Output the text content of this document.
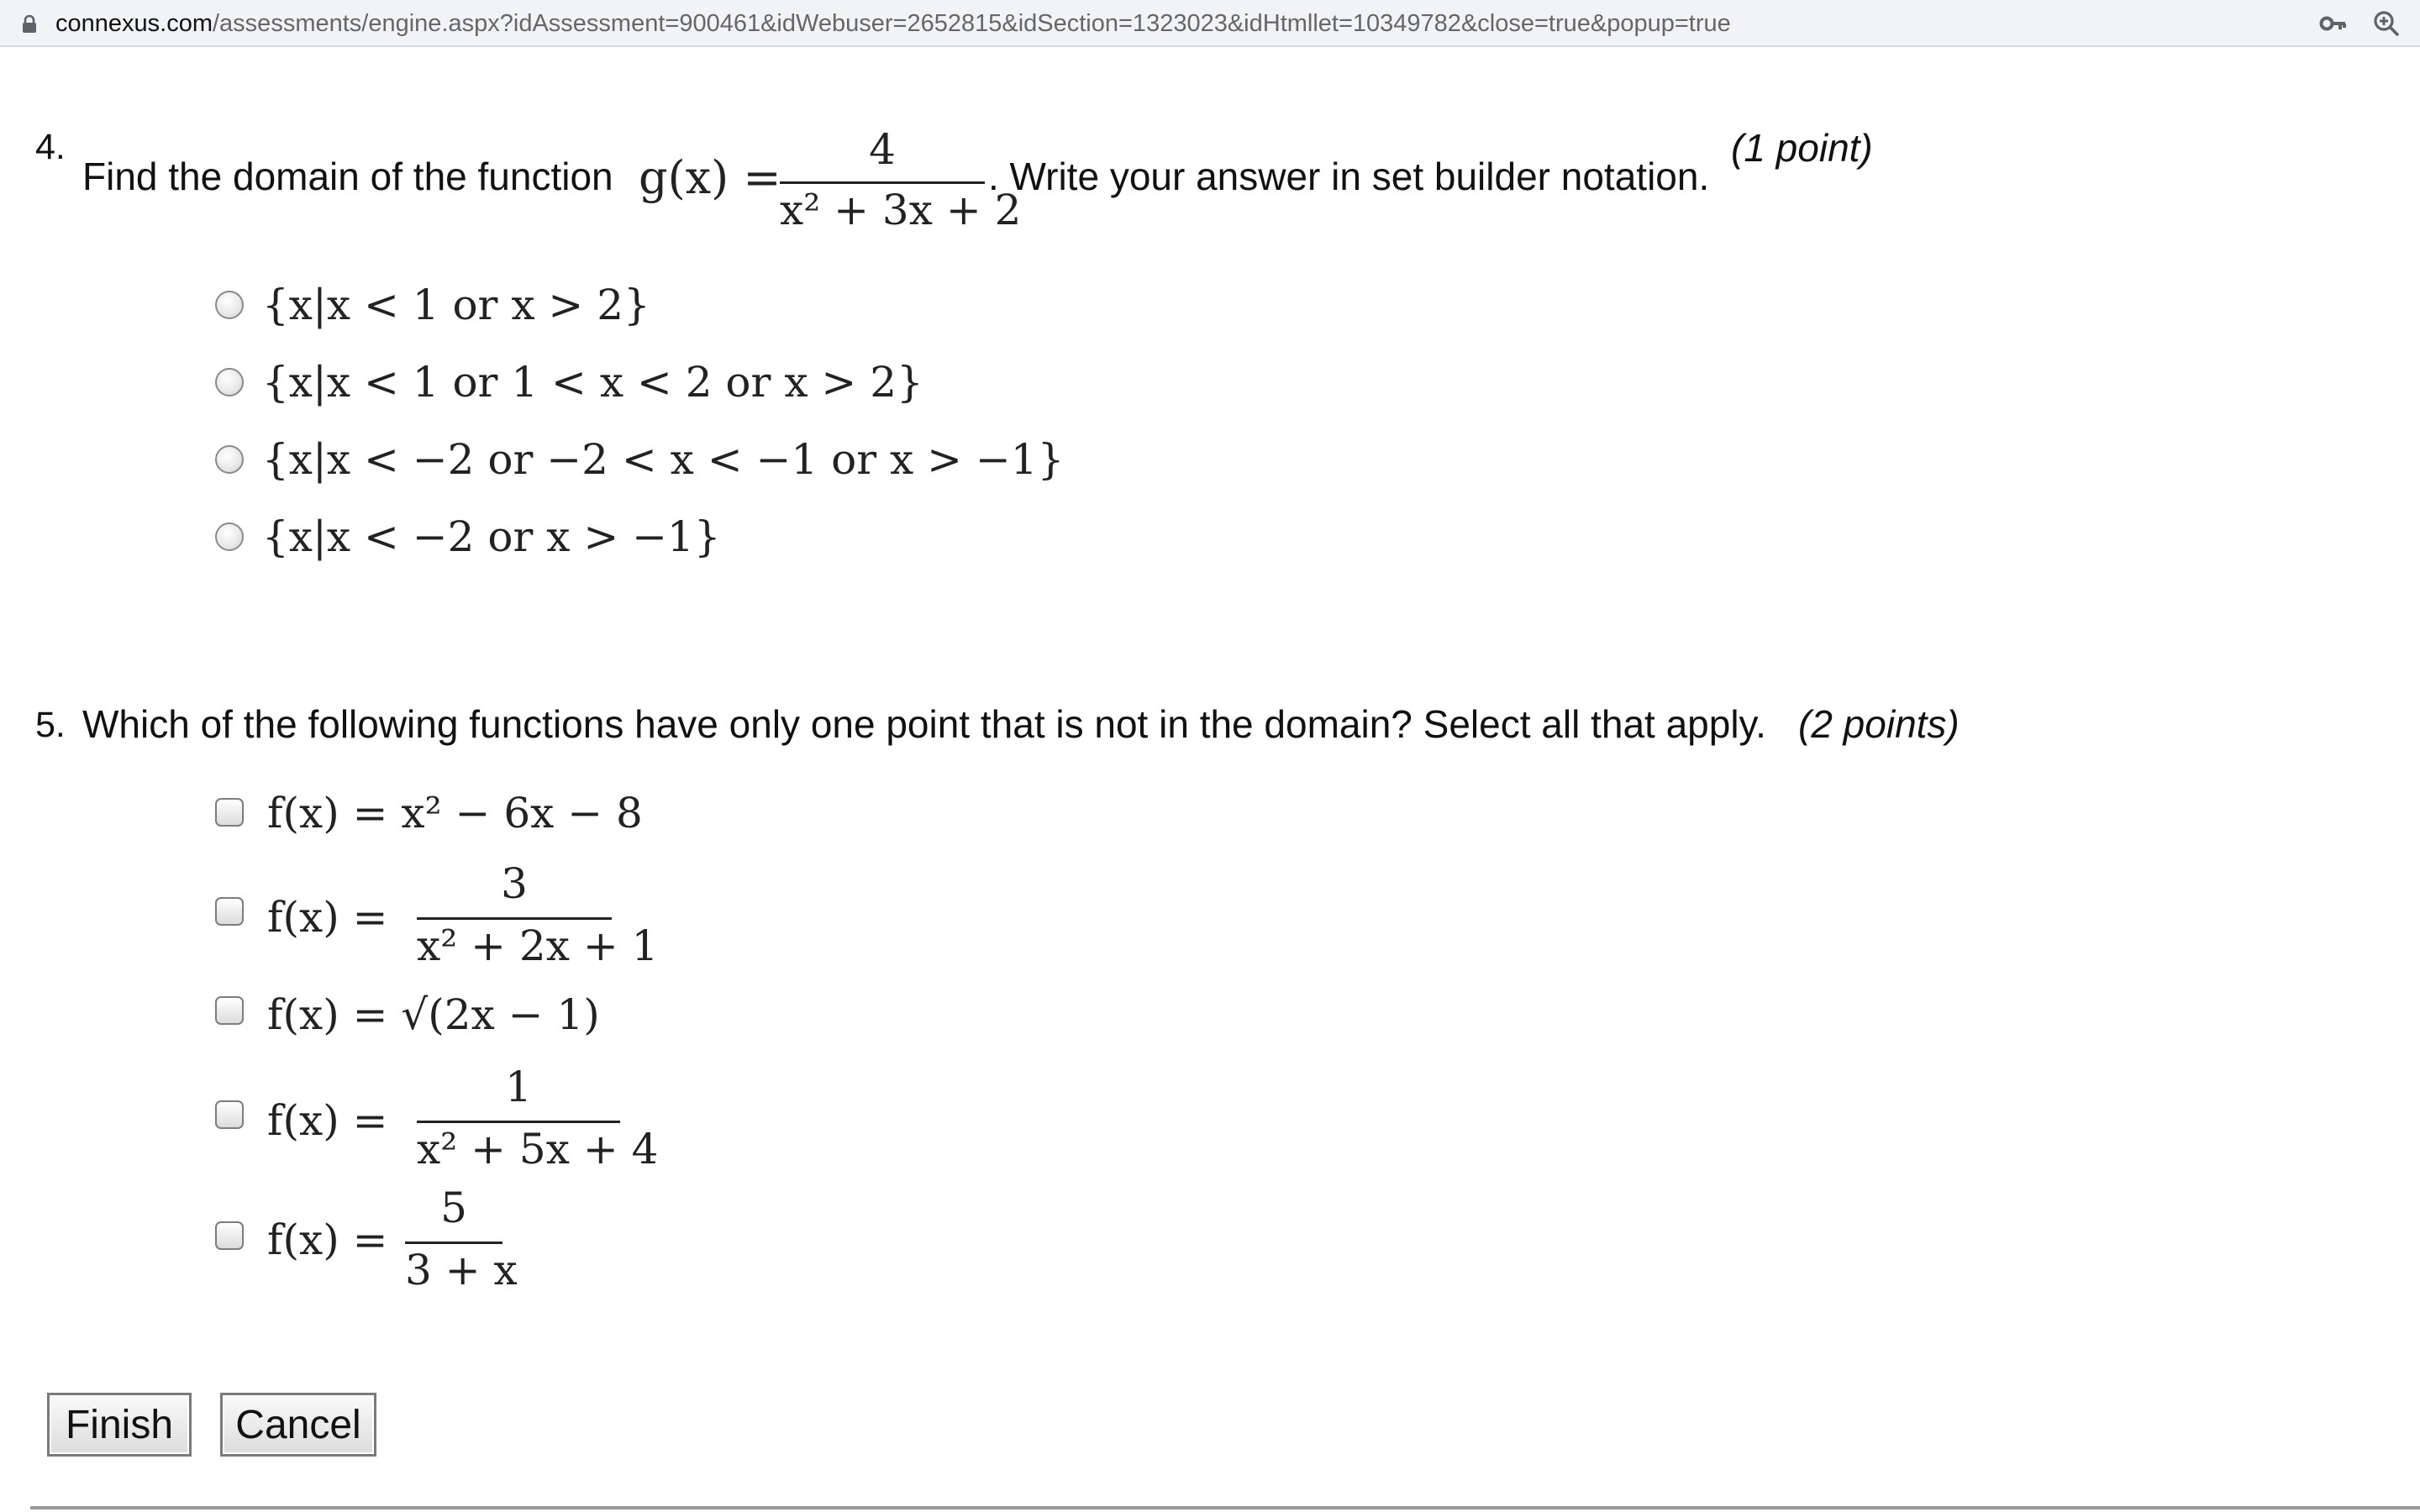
connexus.com/assessments/engine.aspx?idAssessment=900461&idWebuser=2652815&idSection=1323023&idHtmllet=10349782&close=true&popup=true
4.
Find the domain of the function g(x) =
4
x² + 3x + 2
. Write your answer in set builder notation.
(1 point)
{x|x < 1 or x > 2}
{x|x < 1 or 1 < x < 2 or x > 2}
{x|x < −2 or −2 < x < −1 or x > −1}
{x|x < −2 or x > −1}
5. Which of the following functions have only one point that is not in the domain? Select all that apply. (2 points)
f(x) = x² − 6x − 8
f(x) =
3
x² + 2x + 1
f(x) = √(2x − 1)
f(x) =
1
x² + 5x + 4
f(x) =
5
3 + x
Finish	Cancel
